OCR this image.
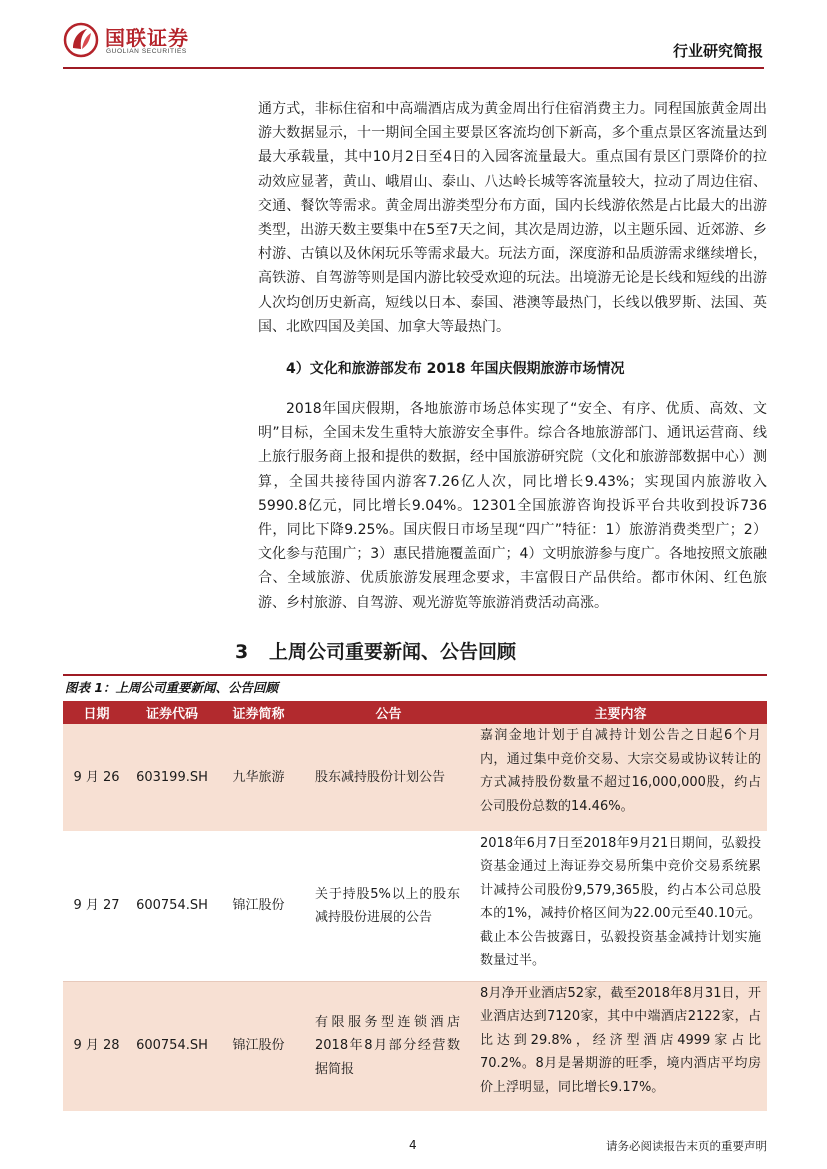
国联证券
GUOLIAN SECURITIES	行业研究简报

通方式，非标住宿和中高端酒店成为黄金周出行住宿消费主力。同程国旅黄金周出游大数据显示，十一期间全国主要景区客流均创下新高，多个重点景区客流量达到最大承载量，其中10月2日至4日的入园客流量最大。重点国有景区门票降价的拉动效应显著，黄山、峨眉山、泰山、八达岭长城等客流量较大，拉动了周边住宿、交通、餐饮等需求。黄金周出游类型分布方面，国内长线游依然是占比最大的出游类型，出游天数主要集中在5至7天之间，其次是周边游，以主题乐园、近郊游、乡村游、古镇以及休闲玩乐等需求最大。玩法方面，深度游和品质游需求继续增长，高铁游、自驾游等则是国内游比较受欢迎的玩法。出境游无论是长线和短线的出游人次均创历史新高，短线以日本、泰国、港澳等最热门，长线以俄罗斯、法国、英国、北欧四国及美国、加拿大等最热门。

4）文化和旅游部发布 2018 年国庆假期旅游市场情况

2018年国庆假期，各地旅游市场总体实现了“安全、有序、优质、高效、文明”目标，全国未发生重特大旅游安全事件。综合各地旅游部门、通讯运营商、线上旅行服务商上报和提供的数据，经中国旅游研究院（文化和旅游部数据中心）测算，全国共接待国内游客7.26亿人次，同比增长9.43%；实现国内旅游收入5990.8亿元，同比增长9.04%。12301全国旅游咨询投诉平台共收到投诉736件，同比下降9.25%。国庆假日市场呈现“四广”特征：1）旅游消费类型广；2）文化参与范围广；3）惠民措施覆盖面广；4）文明旅游参与度广。各地按照文旅融合、全域旅游、优质旅游发展理念要求，丰富假日产品供给。都市休闲、红色旅游、乡村旅游、自驾游、观光游览等旅游消费活动高涨。

3 上周公司重要新闻、公告回顾
图表 1：上周公司重要新闻、公告回顾
日期	证券代码	证券简称	公告	主要内容
9 月 26	603199.SH	九华旅游	股东减持股份计划公告	嘉润金地计划于自减持计划公告之日起6个月内，通过集中竞价交易、大宗交易或协议转让的方式减持股份数量不超过16,000,000股，约占公司股份总数的14.46%。

9 月 27	600754.SH	锦江股份	关于持股5%以上的股东减持股份进展的公告	2018年6月7日至2018年9月21日期间，弘毅投资基金通过上海证券交易所集中竞价交易系统累计减持公司股份9,579,365股，约占本公司总股本的1%，减持价格区间为22.00元至40.10元。截止本公告披露日，弘毅投资基金减持计划实施数量过半。

9 月 28	600754.SH	锦江股份	有限服务型连锁酒店2018年8月部分经营数据简报	8月净开业酒店52家，截至2018年8月31日，开业酒店达到7120家，其中中端酒店2122家，占比达到29.8%，经济型酒店4999家占比70.2%。8月是暑期游的旺季，境内酒店平均房价上浮明显，同比增长9.17%。
4	请务必阅读报告末页的重要声明
